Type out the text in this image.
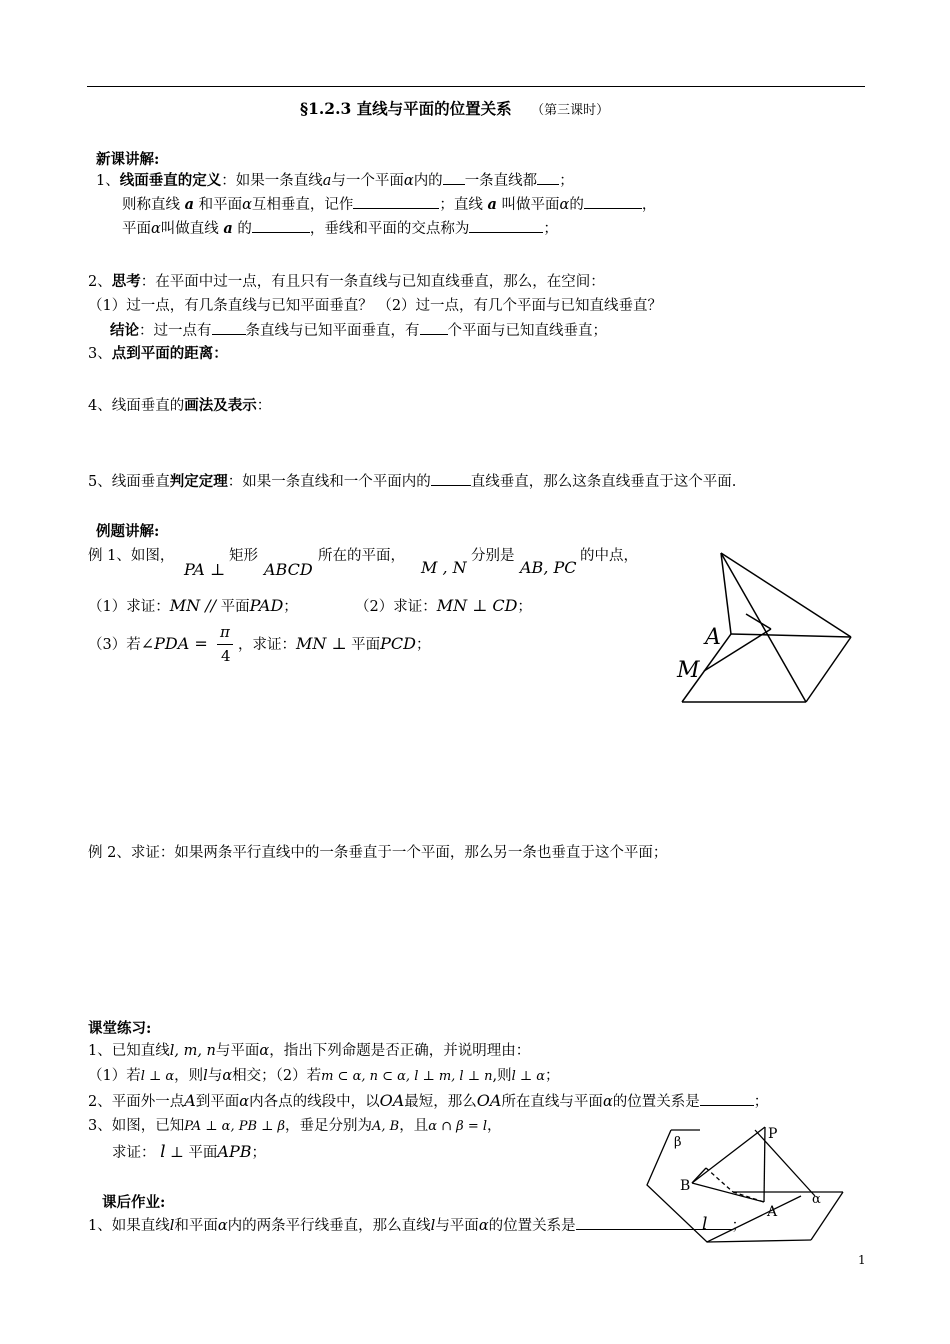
§1.2.3 直线与平面的位置关系 （第三课时）
新课讲解:
1、线面垂直的定义：如果一条直线a与一个平面α内的 一条直线都 ；
则称直线 a 和平面α互相垂直，记作	；直线 a 叫做平面α的	，
平面α叫做直线 a 的	，垂线和平面的交点称为	；
2、思考：在平面中过一点，有且只有一条直线与已知直线垂直，那么，在空间：
（1）过一点，有几条直线与已知平面垂直？ （2）过一点，有几个平面与已知直线垂直？
结论：过一点有 条直线与已知平面垂直，有 个平面与已知直线垂直；
3、点到平面的距离：
4、线面垂直的画法及表示：
5、线面垂直判定定理：如果一条直线和一个平面内的	直线垂直，那么这条直线垂直于这个平面.
例题讲解:
例 1、如图，
PA ⊥
矩形
ABCD
所在的平面，
M , N
分别是
AB, PC
的中点，
（1）求证：MN // 平面PAD；	（2）求证：MN ⊥ CD；
（3）若∠PDA =
π
4
，求证：MN ⊥ 平面PCD；	A
M
例 2、求证：如果两条平行直线中的一条垂直于一个平面，那么另一条也垂直于这个平面；
课堂练习:
1、已知直线l, m, n与平面α，指出下列命题是否正确，并说明理由：
（1）若l ⊥ α，则l与α相交；（2）若m ⊂ α, n ⊂ α, l ⊥ m, l ⊥ n,则l ⊥ α；
2、平面外一点A到平面α内各点的线段中，以OA最短，那么OA所在直线与平面α的位置关系是	；
3、如图，已知PA ⊥ α, PB ⊥ β，垂足分别为A, B，且α ∩ β = l，
求证： l ⊥ 平面APB；
β
P
B
α
A
l
课后作业:
1、如果直线l和平面α内的两条平行线垂直，那么直线l与平面α的位置关系是	；
1
